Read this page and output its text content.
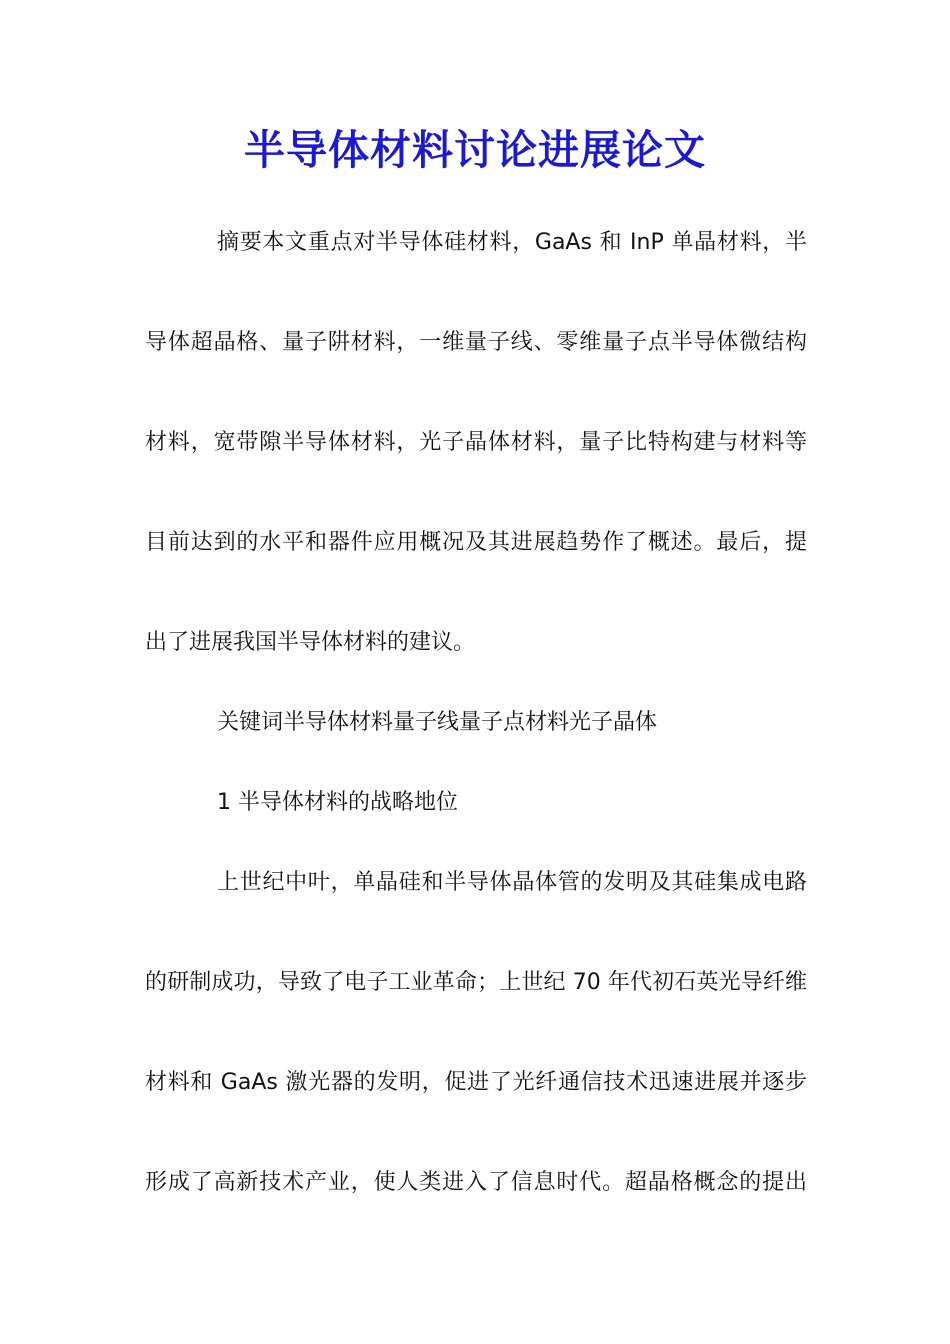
半导体材料讨论进展论文
摘要本文重点对半导体硅材料，GaAs 和 InP 单晶材料，半
导体超晶格、量子阱材料，一维量子线、零维量子点半导体微结构
材料，宽带隙半导体材料，光子晶体材料，量子比特构建与材料等
目前达到的水平和器件应用概况及其进展趋势作了概述。最后，提
出了进展我国半导体材料的建议。
关键词半导体材料量子线量子点材料光子晶体
1 半导体材料的战略地位
上世纪中叶，单晶硅和半导体晶体管的发明及其硅集成电路
的研制成功，导致了电子工业革命；上世纪 70 年代初石英光导纤维
材料和 GaAs 激光器的发明，促进了光纤通信技术迅速进展并逐步
形成了高新技术产业，使人类进入了信息时代。超晶格概念的提出
